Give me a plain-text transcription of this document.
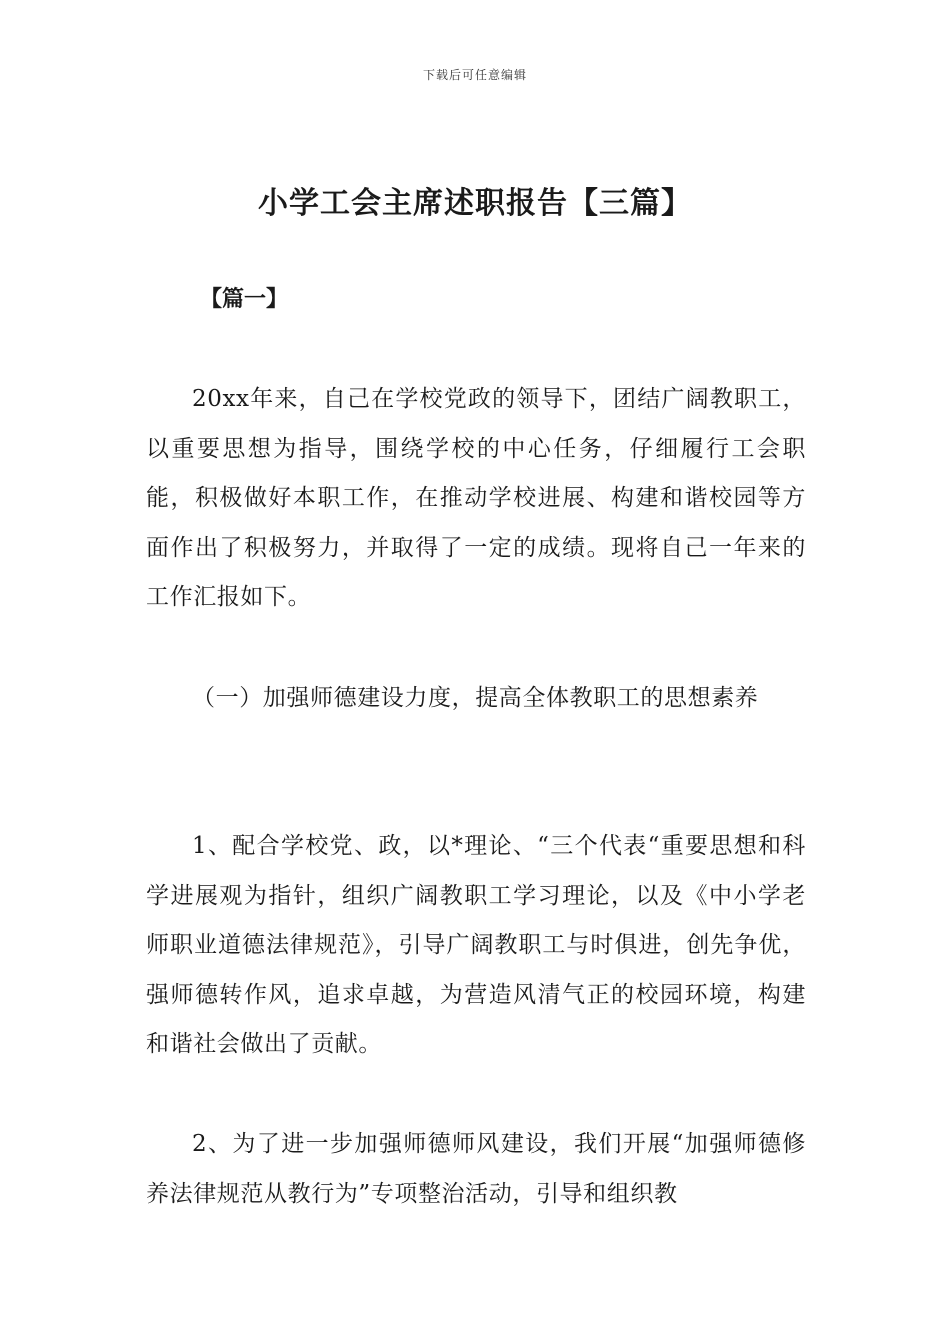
下载后可任意编辑
小学工会主席述职报告【三篇】
【篇一】

20xx年来，自己在学校党政的领导下，团结广阔教职工，以重要思想为指导，围绕学校的中心任务，仔细履行工会职能，积极做好本职工作，在推动学校进展、构建和谐校园等方面作出了积极努力，并取得了一定的成绩。现将自己一年来的工作汇报如下。

（一）加强师德建设力度，提高全体教职工的思想素养

1、配合学校党、政，以*理论、“三个代表“重要思想和科学进展观为指针，组织广阔教职工学习理论，以及《中小学老师职业道德法律规范》，引导广阔教职工与时俱进，创先争优，强师德转作风，追求卓越，为营造风清气正的校园环境，构建和谐社会做出了贡献。

2、为了进一步加强师德师风建设，我们开展“加强师德修养法律规范从教行为”专项整治活动，引导和组织教
